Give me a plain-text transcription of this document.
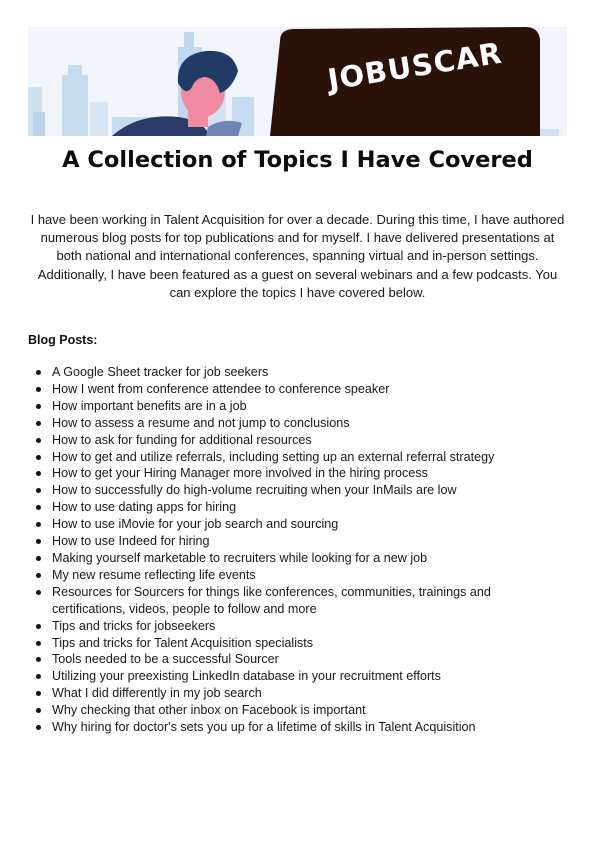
JOBUSCAR
A Collection of Topics I Have Covered

I have been working in Talent Acquisition for over a decade. During this time, I have authored numerous blog posts for top publications and for myself. I have delivered presentations at both national and international conferences, spanning virtual and in-person settings. Additionally, I have been featured as a guest on several webinars and a few podcasts. You can explore the topics I have covered below.

Blog Posts:
A Google Sheet tracker for job seekers
How I went from conference attendee to conference speaker
How important benefits are in a job
How to assess a resume and not jump to conclusions
How to ask for funding for additional resources
How to get and utilize referrals, including setting up an external referral strategy
How to get your Hiring Manager more involved in the hiring process
How to successfully do high-volume recruiting when your InMails are low
How to use dating apps for hiring
How to use iMovie for your job search and sourcing
How to use Indeed for hiring
Making yourself marketable to recruiters while looking for a new job
My new resume reflecting life events
Resources for Sourcers for things like conferences, communities, trainings and certifications, videos, people to follow and more
Tips and tricks for jobseekers
Tips and tricks for Talent Acquisition specialists
Tools needed to be a successful Sourcer
Utilizing your preexisting LinkedIn database in your recruitment efforts
What I did differently in my job search
Why checking that other inbox on Facebook is important
Why hiring for doctor's sets you up for a lifetime of skills in Talent Acquisition
